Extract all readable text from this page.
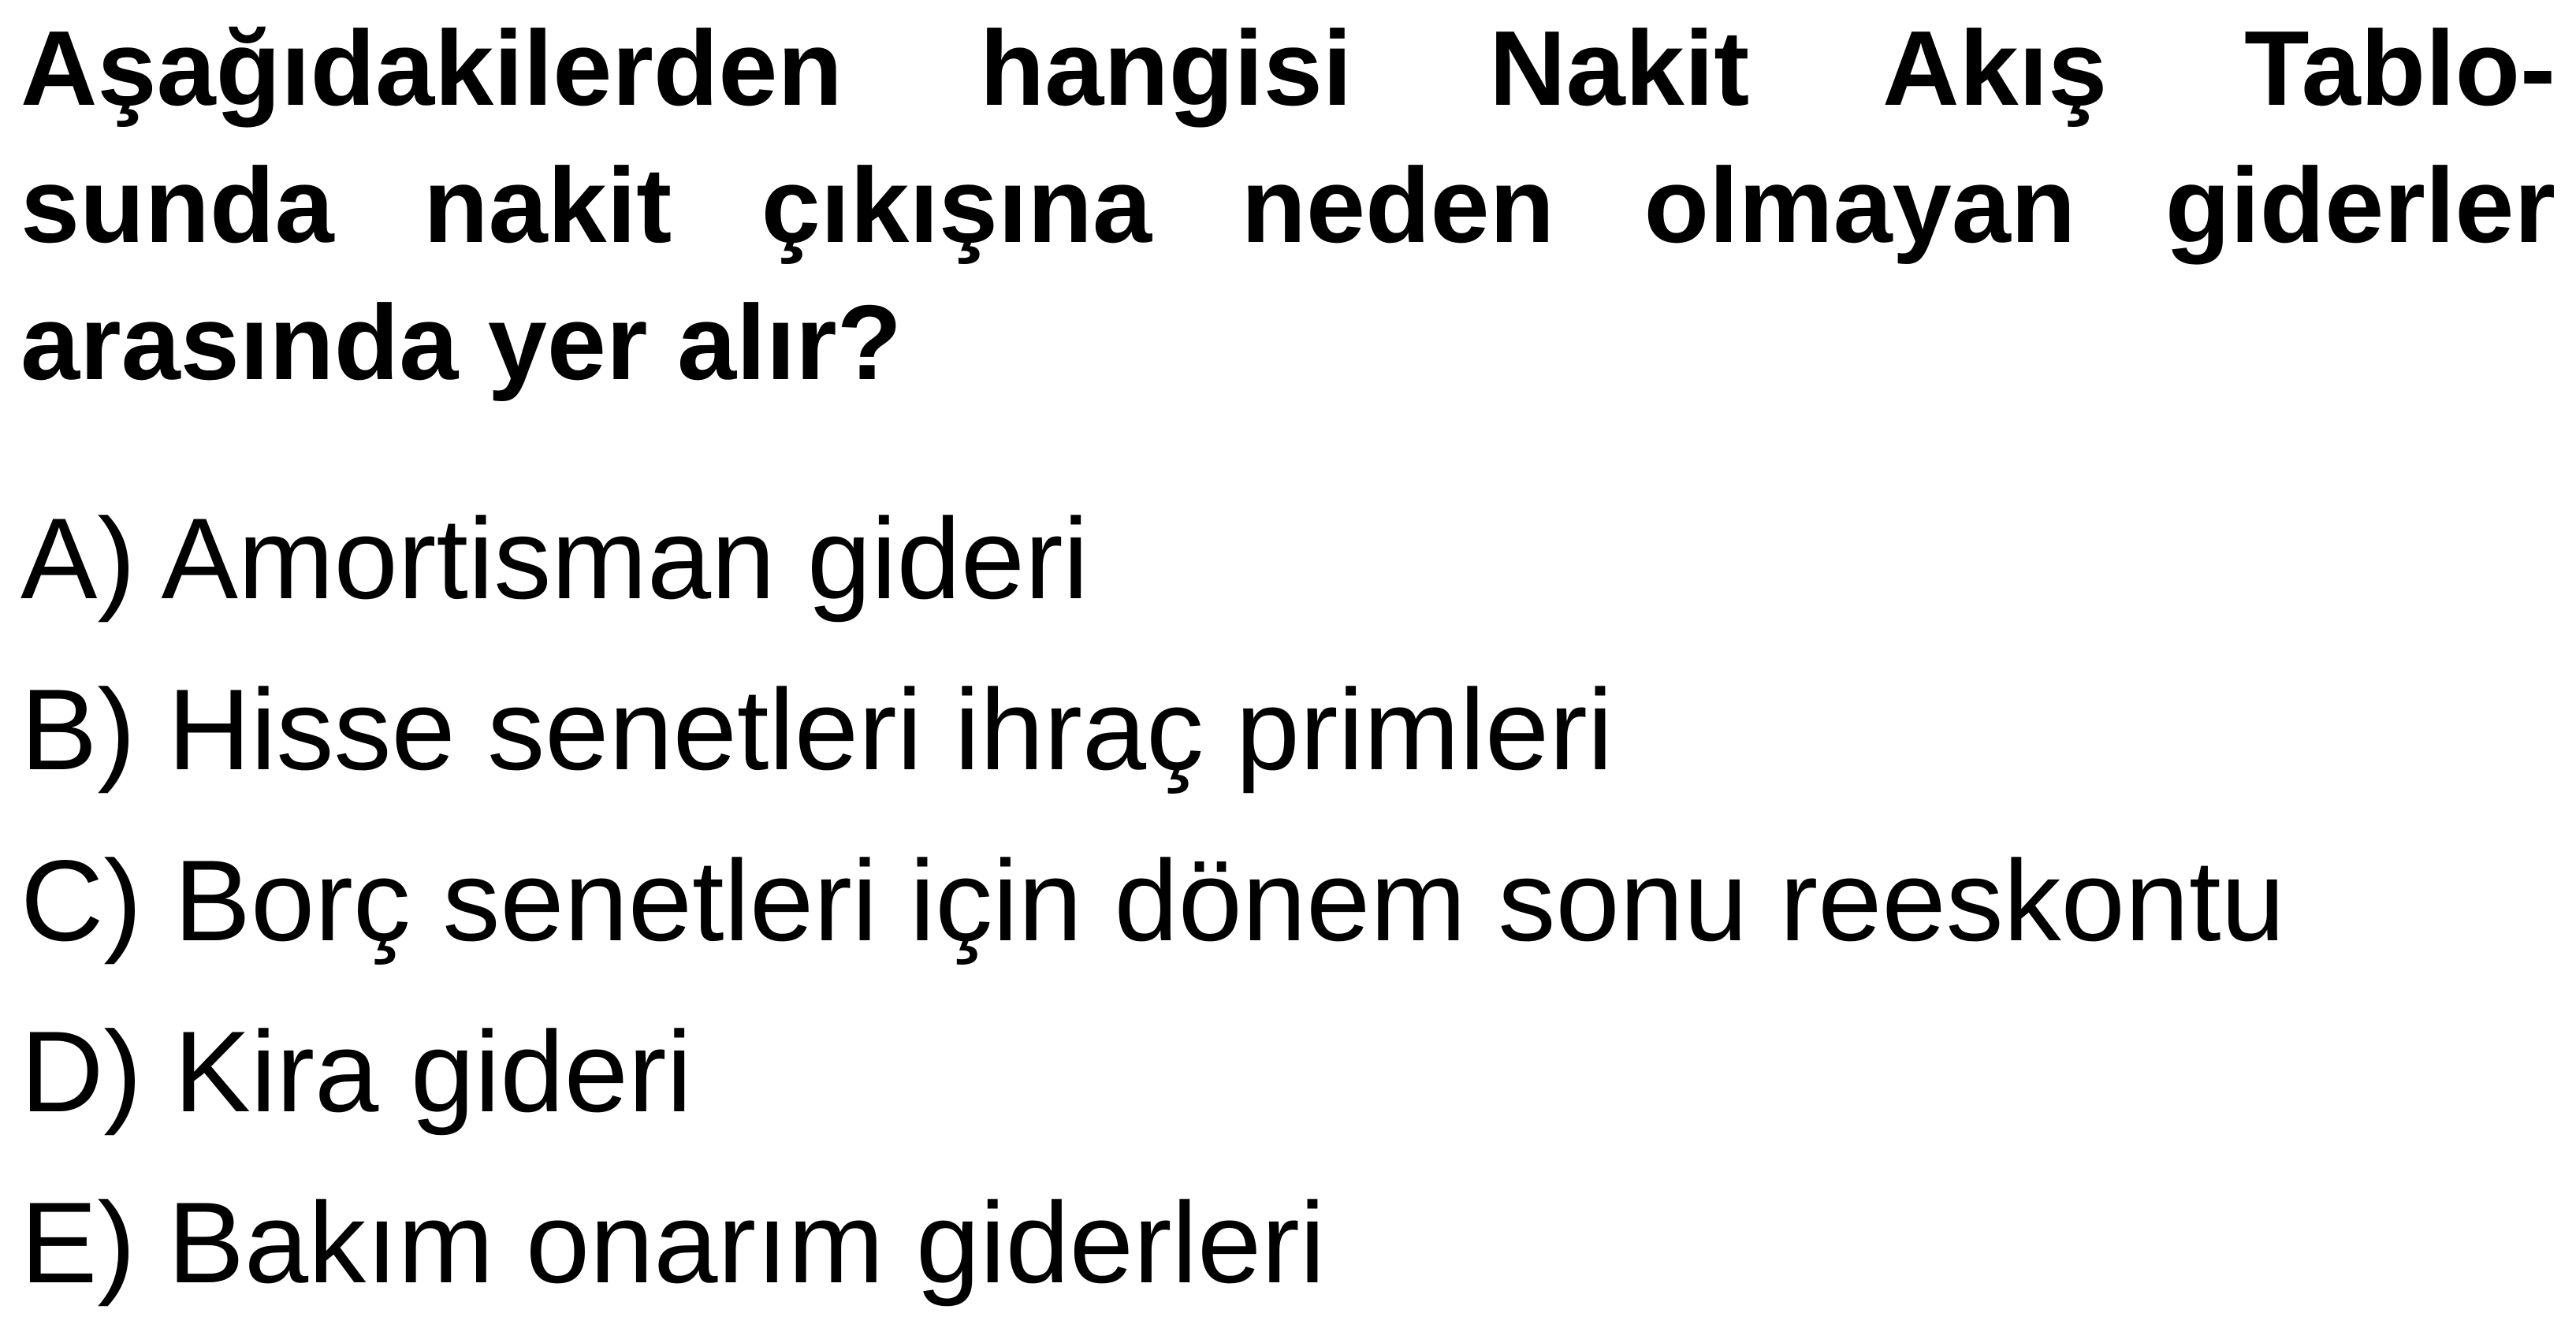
Aşağıdakilerden hangisi Nakit Akış Tablo-
sunda nakit çıkışına neden olmayan giderler
arasında yer alır?
A) Amortisman gideri
B) Hisse senetleri ihraç primleri
C) Borç senetleri için dönem sonu reeskontu
D) Kira gideri
E) Bakım onarım giderleri
